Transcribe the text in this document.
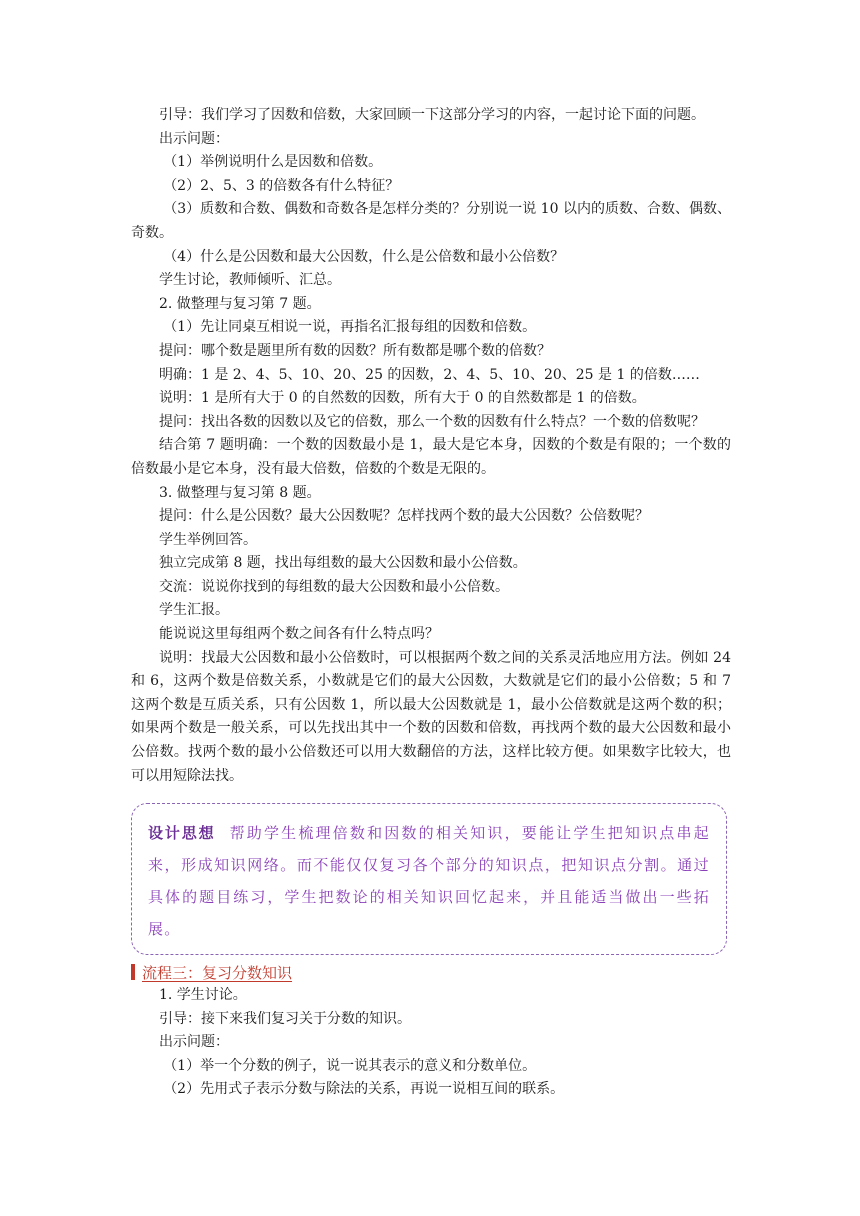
引导：我们学习了因数和倍数，大家回顾一下这部分学习的内容，一起讨论下面的问题。

出示问题：

（1）举例说明什么是因数和倍数。

（2）2、5、3 的倍数各有什么特征？

（3）质数和合数、偶数和奇数各是怎样分类的？分别说一说 10 以内的质数、合数、偶数、奇数。

（4）什么是公因数和最大公因数，什么是公倍数和最小公倍数？

学生讨论，教师倾听、汇总。

2. 做整理与复习第 7 题。

（1）先让同桌互相说一说，再指名汇报每组的因数和倍数。

提问：哪个数是题里所有数的因数？所有数都是哪个数的倍数？

明确：1 是 2、4、5、10、20、25 的因数，2、4、5、10、20、25 是 1 的倍数……

说明：1 是所有大于 0 的自然数的因数，所有大于 0 的自然数都是 1 的倍数。

提问：找出各数的因数以及它的倍数，那么一个数的因数有什么特点？一个数的倍数呢？

结合第 7 题明确：一个数的因数最小是 1，最大是它本身，因数的个数是有限的；一个数的倍数最小是它本身，没有最大倍数，倍数的个数是无限的。

3. 做整理与复习第 8 题。

提问：什么是公因数？最大公因数呢？怎样找两个数的最大公因数？公倍数呢？

学生举例回答。

独立完成第 8 题，找出每组数的最大公因数和最小公倍数。

交流：说说你找到的每组数的最大公因数和最小公倍数。

学生汇报。

能说说这里每组两个数之间各有什么特点吗？

说明：找最大公因数和最小公倍数时，可以根据两个数之间的关系灵活地应用方法。例如 24 和 6，这两个数是倍数关系，小数就是它们的最大公因数，大数就是它们的最小公倍数；5 和 7 这两个数是互质关系，只有公因数 1，所以最大公因数就是 1，最小公倍数就是这两个数的积；如果两个数是一般关系，可以先找出其中一个数的因数和倍数，再找两个数的最大公因数和最小公倍数。找两个数的最小公倍数还可以用大数翻倍的方法，这样比较方便。如果数字比较大，也可以用短除法找。

设计思想 帮助学生梳理倍数和因数的相关知识，要能让学生把知识点串起来，形成知识网络。而不能仅仅复习各个部分的知识点，把知识点分割。通过具体的题目练习，学生把数论的相关知识回忆起来，并且能适当做出一些拓展。

流程三：复习分数知识

1. 学生讨论。

引导：接下来我们复习关于分数的知识。

出示问题：

（1）举一个分数的例子，说一说其表示的意义和分数单位。

（2）先用式子表示分数与除法的关系，再说一说相互间的联系。
